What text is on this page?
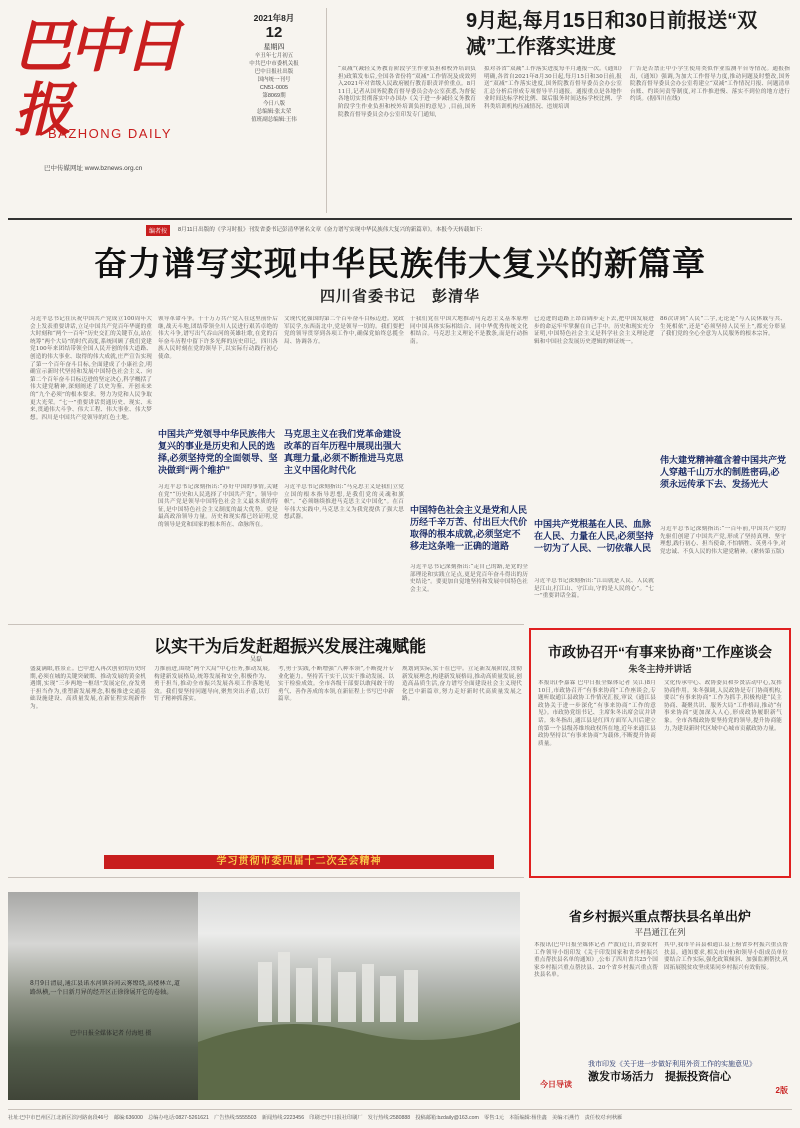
巴中日报
BAZHONG DAILY
巴中传媒网址 www.bznews.org.cn
2021年8月
12
星期四
辛丑年七月初五
中共巴中市委机关报
巴中日报社出版
国内统一刊号
CN51-0005
第8069期
今日八版
总编辑:张太荣
值班副总编辑:王伟
9月起,每月15日和30日前报送“双减”工作落实进度
“双减”(减轻义务教育阶段学生作业负担和校外培训负担)政策发布后,全国各省份将“双减”工作情况及成效列入2021年对省级人民政府履行教育职责评价重点。8月11日,记者从国务院教育督导委员会办公室获悉,为督促各地切实贯彻落实中办国办《关于进一步减轻义务教育阶段学生作业负担和校外培训负担的意见》,目前,国务院教育督导委员会办公室印发专门通知,
拟对各省“双减”工作落实进度每半月通报一次。《通知》明确,各省自2021年8月30日起,每月15日和30日前,报送“双减”工作落实进度,国务院教育督导委员会办公室汇总分析后形成专项督导半月通报。通报重点是各地作业时间达标学校比例、课后服务时间达标学校比例、学科类培训机构压减情况、违规培训
广告是否禁止中小学生使用类似作业监测平台等情况。通报指出,《通知》强调,为加大工作督导力度,推动问题及时整改,国务院教育督导委员会办公室将建立“双减”工作情况月报、问题清单台账、约谈问责等制度,对工作推进慢、落实不到位的地方进行约谈。(据四川在线)
编者按	8月11日出版的《学习时报》刊发省委书记彭清华署名文章《奋力谱写实现中华民族伟大复兴的新篇章》。本报今天转载如下:
奋力谱写实现中华民族伟大复兴的新篇章
四川省委书记　彭清华
习近平总书记在庆祝中国共产党成立100周年大会上发表重要讲话,立足中国共产党百年华诞的重大时刻和“两个一百年”历史交汇的关键节点,站在统筹“两个大局”的时代高度,系统回顾了我们党建党100年来团结带领全国人民开创的伟大道路、创造的伟大事业、取得的伟大成就,庄严宣告实现了第一个百年奋斗目标,全面建成了小康社会,明确宣示新时代坚持和发展中国特色社会主义、向第二个百年奋斗目标迈进的坚定决心,科学概括了伟大建党精神,深刻阐述了以史为鉴、开创未来的“九个必须”的根本要求。努力为党和人民争取更大光荣。“七一”重要讲话贯通历史、现实、未来,贯通伟大斗争、伟大工程、伟大事业、伟大梦想。四川是中国共产党领导的红色土地。
领导革命斗争。千千万万共产党人在这里前仆后继,战天斗地,团结带领全川人民进行艰苦卓绝的伟大斗争,谱写出气吞山河的英雄壮歌,在党的百年奋斗历程中留下许多光辉的历史印记。四川各族人民时刻在党的领导下,以实际行动践行初心使命。
中国共产党领导中华民族伟大复兴的事业是历史和人民的选择,必须坚持党的全面领导、坚决做到“两个维护”
习近平总书记深刻指出:“办好中国的事情,关键在党”“历史和人民选择了中国共产党”。领导中国共产党是领导中国特色社会主义最本质的特征,是中国特色社会主义制度的最大优势。党是最高政治领导力量。历史和现实都已经证明,党的领导是党和国家的根本所在、命脉所在。
文现代化强国的第二个百年奋斗目标迈进。党政军民学,东西南北中,党是领导一切的。我们要把党的领导贯穿到各项工作中,确保党始终总揽全局、协调各方。
马克思主义在我们党革命建设改革的百年历程中展现出强大真理力量,必须不断推进马克思主义中国化时代化
习近平总书记深刻指出:“马克思主义是我们立党立国的根本指导思想,是我们党的灵魂和旗帜”。“必须继续推进马克思主义中国化”。在百年伟大实践中,马克思主义为我党提供了强大思想武器。
于我们党在中国大地推动马克思主义基本原理同中国具体实际相结合、同中华优秀传统文化相结合。马克思主义理论不是教条,而是行动指南。
中国特色社会主义是党和人民历经千辛万苦、付出巨大代价取得的根本成就,必须坚定不移走这条唯一正确的道路
习近平总书记深刻指出:“走自己的路,是党的全部理论和实践立足点,更是党百年奋斗得出的历史结论”。要更加自觉地坚持和发展中国特色社会主义。
已迈进的道路上昂首阔步走下去,把中国发展进步的命运牢牢掌握在自己手中。历史和现实充分证明,中国特色社会主义是科学社会主义理论逻辑和中国社会发展历史逻辑的辩证统一。
中国共产党根基在人民、血脉在人民、力量在人民,必须坚持一切为了人民、一切依靠人民
习近平总书记深刻指出:“江山就是人民、人民就是江山,打江山、守江山,守的是人民的心”。“七一”重要讲话全篇。
86次讲到“人民”二字,无论是“与人民休戚与共、生死相依”,还是“必须坚持人民至上”,都充分彰显了我们党的全心全意为人民服务的根本宗旨。
伟大建党精神蕴含着中国共产党人穿越千山万水的制胜密码,必须永远传承下去、发扬光大
习近平总书记深刻指出:“一百年前,中国共产党的先驱们创建了中国共产党,形成了坚持真理、坚守理想,践行初心、担当使命,不怕牺牲、英勇斗争,对党忠诚、不负人民的伟大建党精神。(紧转第五版)
以实干为后发赶超振兴发展注魂赋能
吴磊
盛夏满眼,胜景正。巴中进入再次创业的历史时期,必须在城的关键突破期、推动发展的黄金机遇期,实现“三步两地一枢纽”发展定位,奋发勇于担当作为,重塑新发展理念,积极推进交通基础设施建设、高质量发展,在新征程实现新作为。
力推前进,围绕“两个大局”中心任务,推动发展,构建新发展格局,统筹发展和安全,积极作为、勇于担当,推动全市振兴发展各项工作落地见效。我们要坚持问题导向,聚焦突出矛盾,以钉钉子精神抓落实。
考,勇于实践,不断增强“八种本领”,不断提升专业化能力。坚持苦干实干,以实干推动发展、以实干检验成效。全市各级干部要以敢闯敢干的勇气、善作善成的本领,在新征程上书写巴中新篇章。
规划到实际,实干在巴中。立足新发展阶段,贯彻新发展理念,构建新发展格局,推动高质量发展,创造高品质生活,奋力谱写全面建设社会主义现代化巴中新篇章,努力走好新时代高质量发展之路。
学习贯彻市委四届十二次全会精神
市政协召开“有事来协商”工作座谈会
朱冬主持并讲话
本报讯(李嘉霖 巴中日报全媒体记者 吴江)8月10日,市政协召开“有事来协商”工作座谈会,专题听取通江县政协工作情况汇报,审议《通江县政协关于进一步深化“有事来协商”工作的意见》。市政协党组书记、主席朱冬出席会议并讲话。朱冬指出,通江县是红四方面军入川后建立的第一个县级苏维埃政权所在地,近年来通江县政协坚持以“有事来协商”为载体,不断提升协商质量。
文化传承中心、政协委员和乡贤活动中心,发挥协商作用。朱冬强调,人民政协是专门协商机构,要以“有事来协商”工作为抓手,积极构建“民主协商、凝聚共识、服务大局”工作格局,推动“有事来协商”更加深入人心,形成政协履职新气象。全市各级政协要坚持党的领导,提升协商能力,为建设新时代区域中心城市贡献政协力量。
8月9日清晨,通江县诺水河镇谷间云雾缭绕,高楼林立,道路纵横,一个日新月异的经开区正徐徐展开它的卷轴。
巴中日报全媒体记者 付海旭 摄
省乡村振兴重点帮扶县名单出炉
平昌通江在列
本报讯(巴中日报全媒体记者 严波)近日,省委农村工作领导小组印发《关于印发国家和省乡村振兴重点帮扶县名单的通知》,公布了四川省共25个国家乡村振兴重点帮扶县、20个省乡村振兴重点帮扶县名单。
其中,我市平昌县和通江县上榜省乡村振兴重点帮扶县。通知要求,相关市(州)和领导小组成员单位要结合工作实际,强化政策倾斜、加强监测帮扶,巩固拓展脱贫攻坚成果同乡村振兴有效衔接。
今日导读
我市印发《关于进一步做好利用外资工作的实施意见》
激发市场活力　提振投资信心
2版
社址:巴中市巴州区江北新区滨河路南段46号　邮编:636000　总编办电话:0827-5261621　广告热线:5555503　新闻热线:2223456　印刷:巴中日报社印刷厂　发行热线:2580888　投稿邮箱:bzdaily@163.com　零售:1元　本版编辑:杨佳鑫　美编:石燕竹　责任校对:何秋雁
